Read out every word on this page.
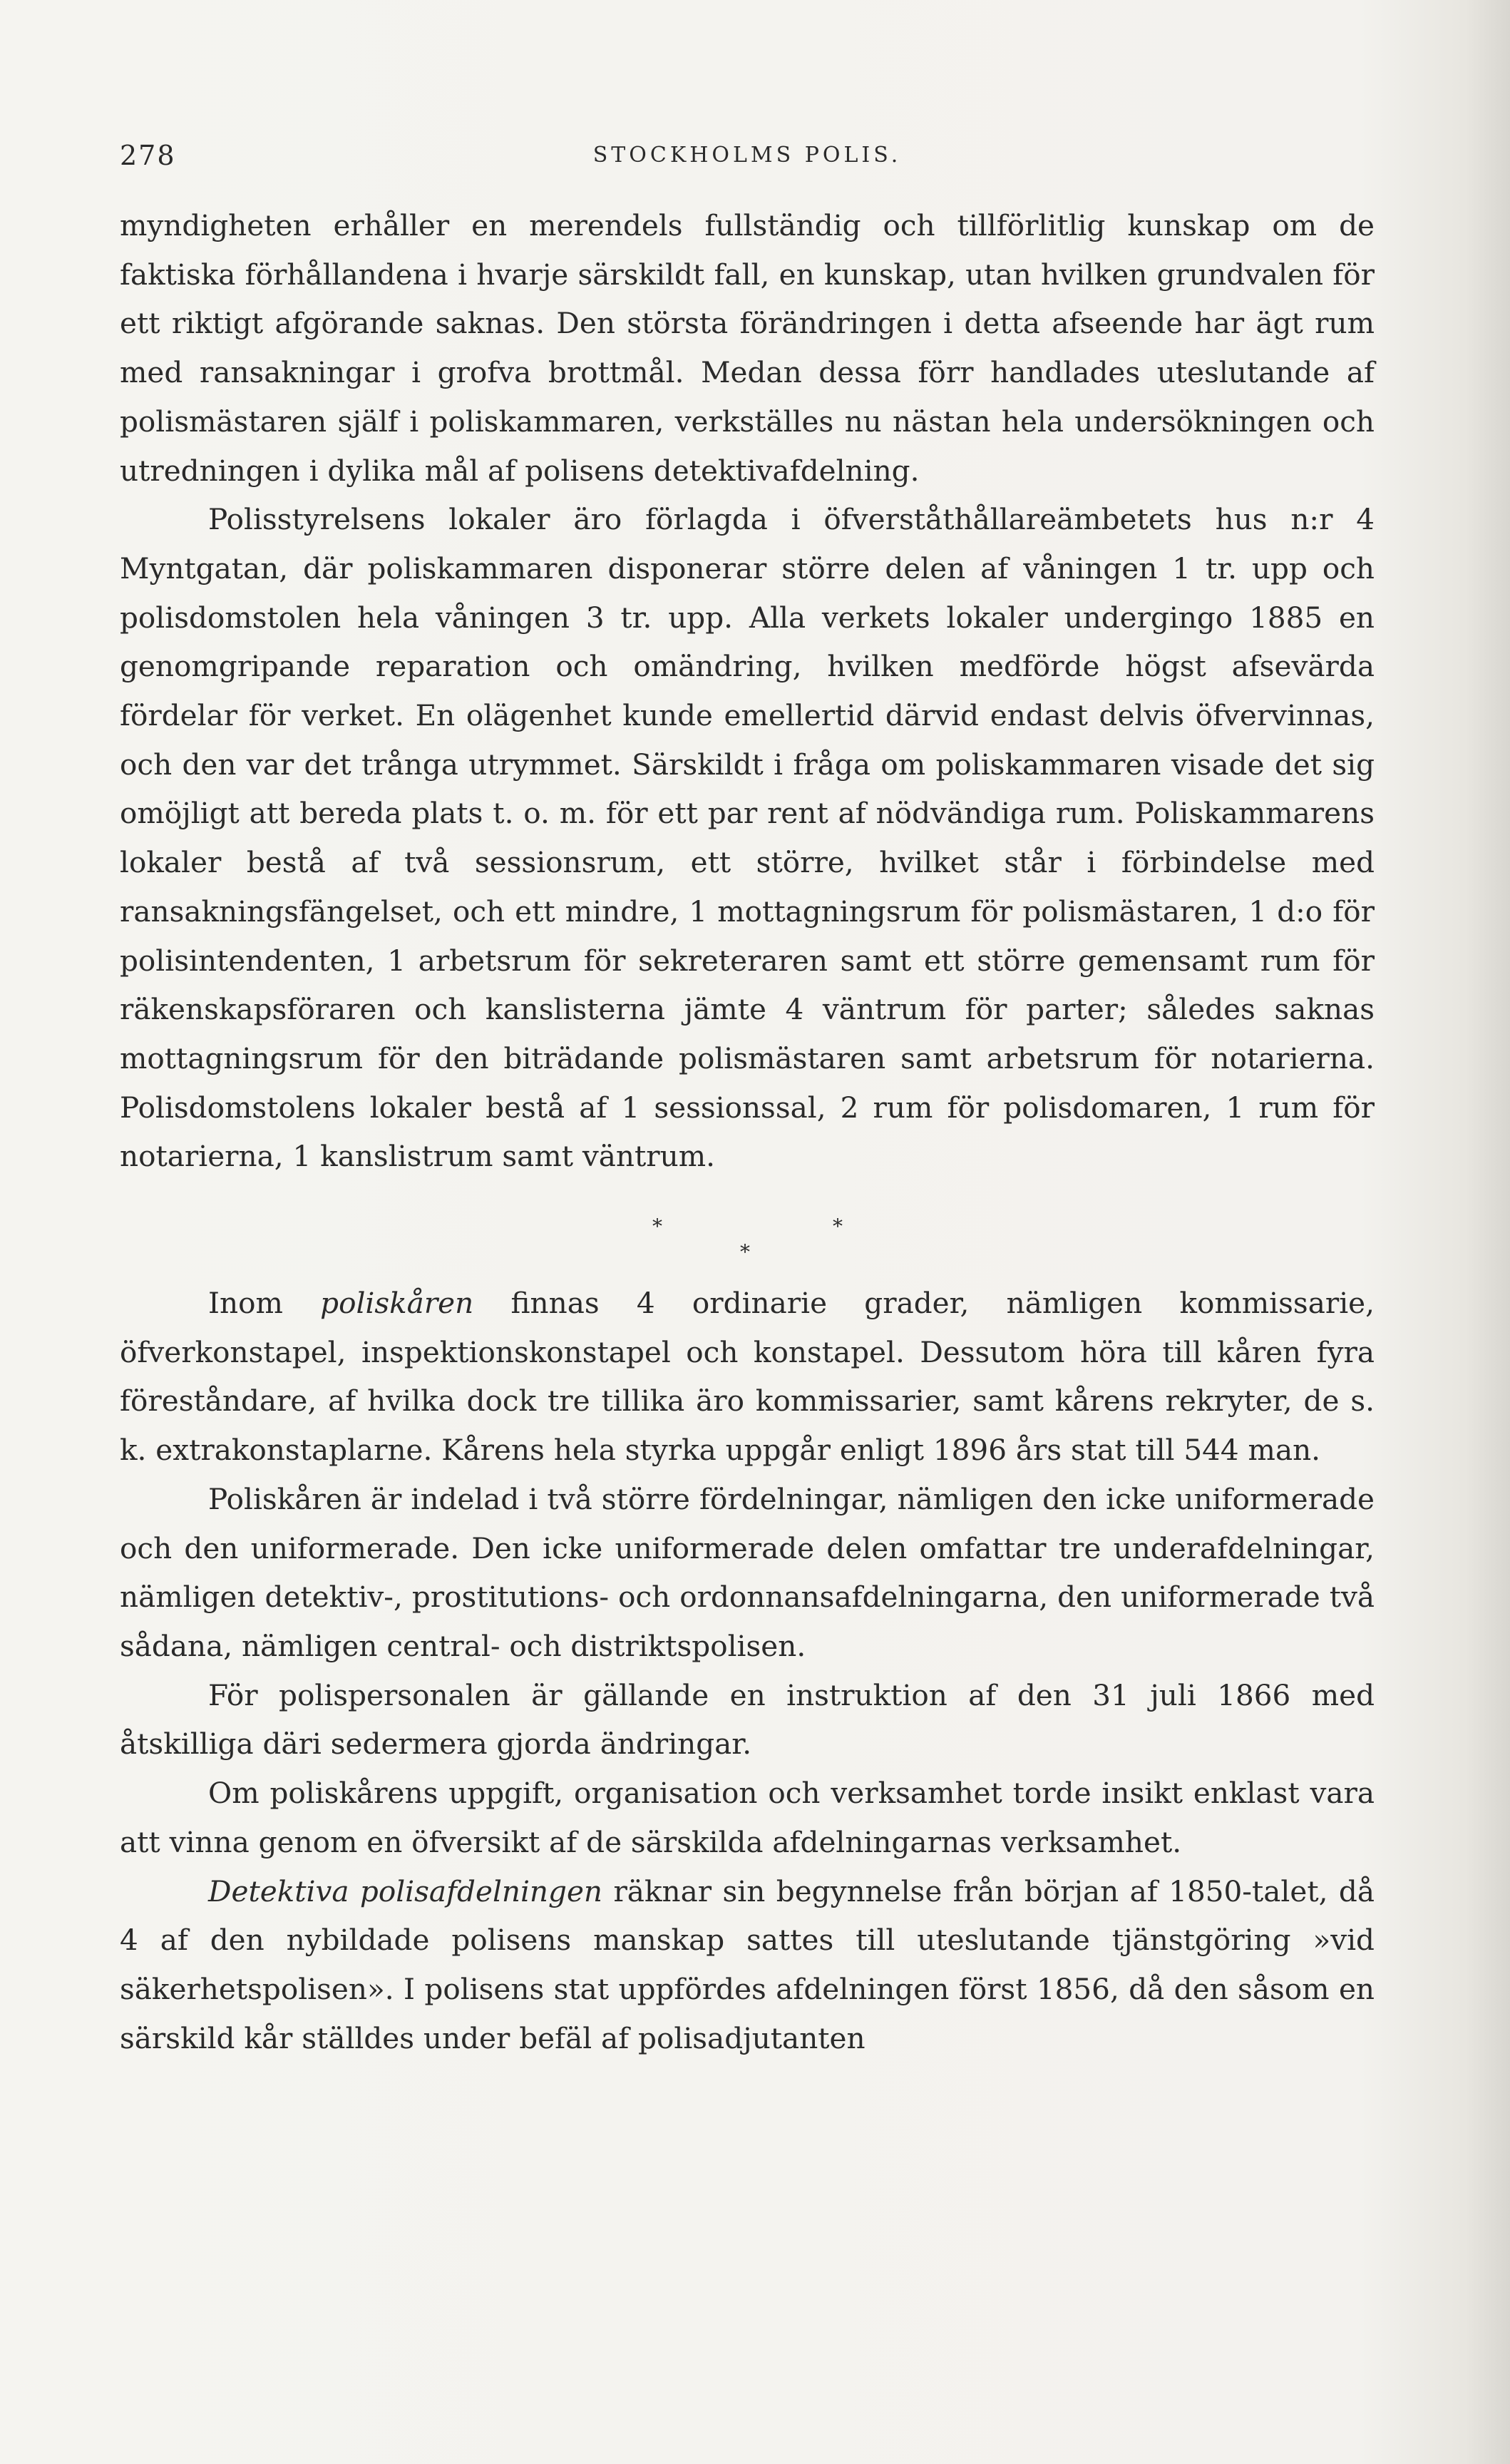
278	STOCKHOLMS POLIS.

myndigheten erhåller en merendels fullständig och tillförlitlig kunskap om de faktiska förhållandena i hvarje särskildt fall, en kunskap, utan hvilken grundvalen för ett riktigt afgörande saknas. Den största förändringen i detta afseende har ägt rum med ransakningar i grofva brottmål. Medan dessa förr handlades uteslutande af polismästaren själf i poliskammaren, verkställes nu nästan hela undersökningen och utredningen i dylika mål af polisens detektivafdelning.

Polisstyrelsens lokaler äro förlagda i öfverståthållareämbetets hus n:r 4 Myntgatan, där poliskammaren disponerar större delen af våningen 1 tr. upp och polisdomstolen hela våningen 3 tr. upp. Alla verkets lokaler undergingo 1885 en genomgripande reparation och omändring, hvilken medförde högst afsevärda fördelar för verket. En olägenhet kunde emellertid därvid endast delvis öfvervinnas, och den var det trånga utrymmet. Särskildt i fråga om poliskammaren visade det sig omöjligt att bereda plats t. o. m. för ett par rent af nödvändiga rum. Poliskammarens lokaler bestå af två sessionsrum, ett större, hvilket står i förbindelse med ransakningsfängelset, och ett mindre, 1 mottagningsrum för polismästaren, 1 d:o för polisintendenten, 1 arbetsrum för sekreteraren samt ett större gemensamt rum för räkenskapsföraren och kanslisterna jämte 4 väntrum för parter; således saknas mottagningsrum för den biträdande polismästaren samt arbetsrum för notarierna. Polisdomstolens lokaler bestå af 1 sessionssal, 2 rum för polisdomaren, 1 rum för notarierna, 1 kanslistrum samt väntrum.

*	*
*

Inom poliskåren finnas 4 ordinarie grader, nämligen kommissarie, öfverkonstapel, inspektionskonstapel och konstapel. Dessutom höra till kåren fyra föreståndare, af hvilka dock tre tillika äro kommissarier, samt kårens rekryter, de s. k. extrakonstaplarne. Kårens hela styrka uppgår enligt 1896 års stat till 544 man.

Poliskåren är indelad i två större fördelningar, nämligen den icke uniformerade och den uniformerade. Den icke uniformerade delen omfattar tre underafdelningar, nämligen detektiv-, prostitutions- och ordonnansafdelningarna, den uniformerade två sådana, nämligen central- och distriktspolisen.

För polispersonalen är gällande en instruktion af den 31 juli 1866 med åtskilliga däri sedermera gjorda ändringar.

Om poliskårens uppgift, organisation och verksamhet torde insikt enklast vara att vinna genom en öfversikt af de särskilda afdelningarnas verksamhet.

Detektiva polisafdelningen räknar sin begynnelse från början af 1850-talet, då 4 af den nybildade polisens manskap sattes till uteslutande tjänstgöring »vid säkerhetspolisen». I polisens stat uppfördes afdelningen först 1856, då den såsom en särskild kår ställdes under befäl af polisadjutanten
